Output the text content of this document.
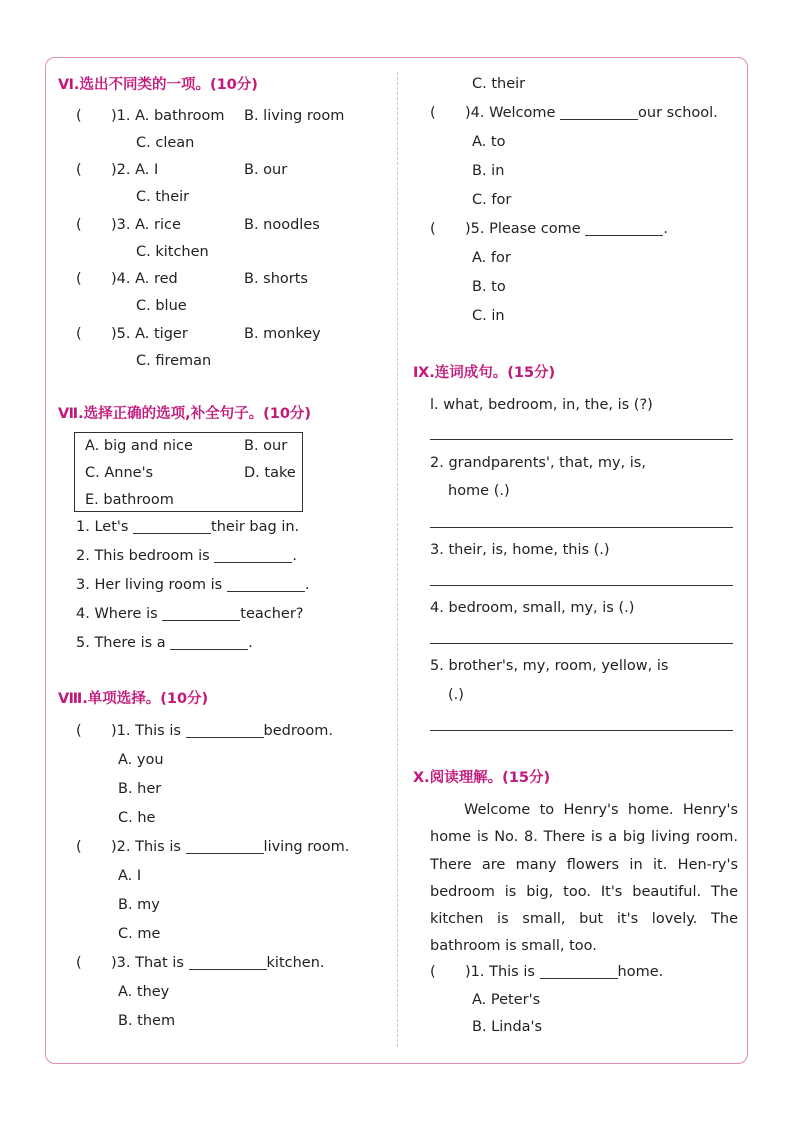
Ⅵ.选出不同类的一项。(10分)
( )1. A. bathroom B. living room
C. clean
( )2. A. I	B. our
C. their
( )3. A. rice	B. noodles
C. kitchen
( )4. A. red	B. shorts
C. blue
( )5. A. tiger	B. monkey
C. fireman
Ⅶ.选择正确的选项,补全句子。(10分)
A. big and nice	B. our
C. Anne's	D. take
E. bathroom
1. Let's	their bag in.
2. This bedroom is	.
3. Her living room is	.
4. Where is	teacher?
5. There is a	.
Ⅷ.单项选择。(10分)
( )1. This is	bedroom.
A. you
B. her
C. he
( )2. This is	living room.
A. I
B. my
C. me
( )3. That is	kitchen.
A. they
B. them
C. their
( )4. Welcome	our school.
A. to
B. in
C. for
( )5. Please come	.
A. for
B. to
C. in
Ⅸ.连词成句。(15分)
l. what, bedroom, in, the, is (?)
2. grandparents', that, my, is,
home (.)
3. their, is, home, this (.)
4. bedroom, small, my, is (.)
5. brother's, my, room, yellow, is
(.)
Ⅹ.阅读理解。(15分)

Welcome to Henry's home. Henry's home is No. 8. There is a big living room. There are many flowers in it. Hen-ry's bedroom is big, too. It's beautiful. The kitchen is small, but it's lovely. The bathroom is small, too.

( )1. This is	home.
A. Peter's
B. Linda's
